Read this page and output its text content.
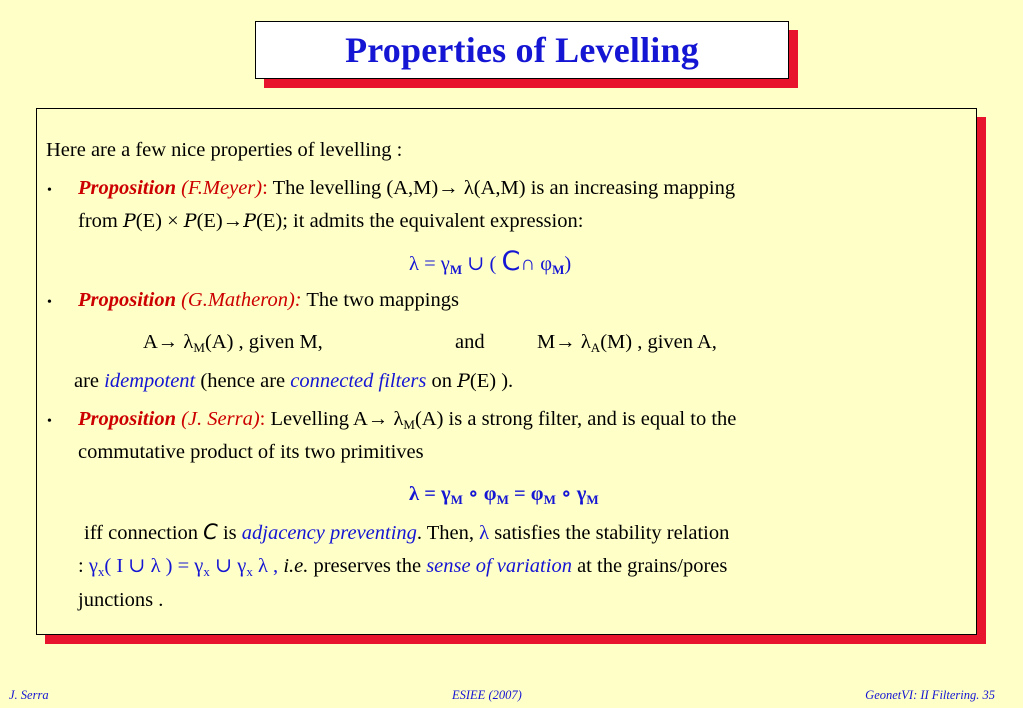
Properties of Levelling
Here are a few nice properties of levelling :
• Proposition (F.Meyer): The levelling (A,M)→ λ(A,M) is an increasing mapping
from P(E) × P(E)→P(E); it admits the equivalent expression:
$\lambda = \gamma_M$ ∪ ( C∩ $\varphi_M$)
• Proposition (G.Matheron): The two mappings
$A\to \lambda_M(A)$ , given M,	and	$M\to \lambda_A(M)$ , given A,
are idempotent (hence are connected filters on P(E) ).
• Proposition (J. Serra): Levelling $A\to \lambda_M(A)$ is a strong filter, and is equal to the
commutative product of its two primitives
$\lambda = \gamma_M$ ∘ $\varphi_M = \varphi_M$ ∘ $\gamma_M$
iff connection C is adjacency preventing. Then, λ satisfies the stability relation
: $\gamma_x$( I ∪ λ ) = $\gamma_x$ ∪ $\gamma_x$ λ , i.e. preserves the sense of variation at the grains/pores
junctions .
J. Serra	ESIEE (2007)	GeonetVI: II Filtering. 35
